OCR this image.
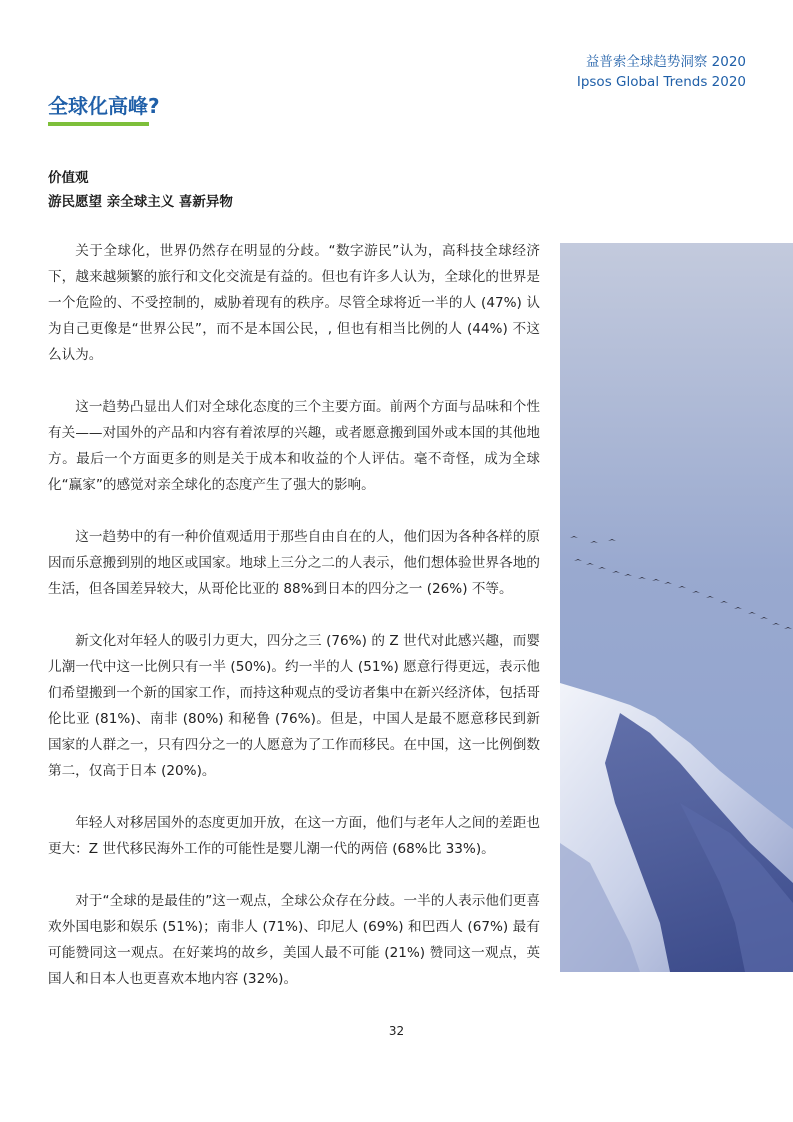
益普索全球趋势洞察 2020
Ipsos Global Trends 2020
全球化高峰?
价值观
游民愿望 亲全球主义 喜新异物

关于全球化，世界仍然存在明显的分歧。“数字游民”认为，高科技全球经济下，越来越频繁的旅行和文化交流是有益的。但也有许多人认为，全球化的世界是一个危险的、不受控制的，威胁着现有的秩序。尽管全球将近一半的人 (47%) 认为自己更像是“世界公民”，而不是本国公民，, 但也有相当比例的人 (44%) 不这么认为。

这一趋势凸显出人们对全球化态度的三个主要方面。前两个方面与品味和个性有关——对国外的产品和内容有着浓厚的兴趣，或者愿意搬到国外或本国的其他地方。最后一个方面更多的则是关于成本和收益的个人评估。毫不奇怪，成为全球化“赢家”的感觉对亲全球化的态度产生了强大的影响。

这一趋势中的有一种价值观适用于那些自由自在的人，他们因为各种各样的原因而乐意搬到别的地区或国家。地球上三分之二的人表示，他们想体验世界各地的生活，但各国差异较大，从哥伦比亚的 88%到日本的四分之一 (26%) 不等。

新文化对年轻人的吸引力更大，四分之三 (76%) 的 Z 世代对此感兴趣，而婴儿潮一代中这一比例只有一半 (50%)。约一半的人 (51%) 愿意行得更远，表示他们希望搬到一个新的国家工作，而持这种观点的受访者集中在新兴经济体，包括哥伦比亚 (81%)、南非 (80%) 和秘鲁 (76%)。但是，中国人是最不愿意移民到新国家的人群之一，只有四分之一的人愿意为了工作而移民。在中国，这一比例倒数第二，仅高于日本 (20%)。

年轻人对移居国外的态度更加开放，在这一方面，他们与老年人之间的差距也更大：Z 世代移民海外工作的可能性是婴儿潮一代的两倍 (68%比 33%)。

对于“全球的是最佳的”这一观点，全球公众存在分歧。一半的人表示他们更喜欢外国电影和娱乐 (51%)；南非人 (71%)、印尼人 (69%) 和巴西人 (67%) 最有可能赞同这一观点。在好莱坞的故乡，美国人最不可能 (21%) 赞同这一观点，英国人和日本人也更喜欢本地内容 (32%)。

32
